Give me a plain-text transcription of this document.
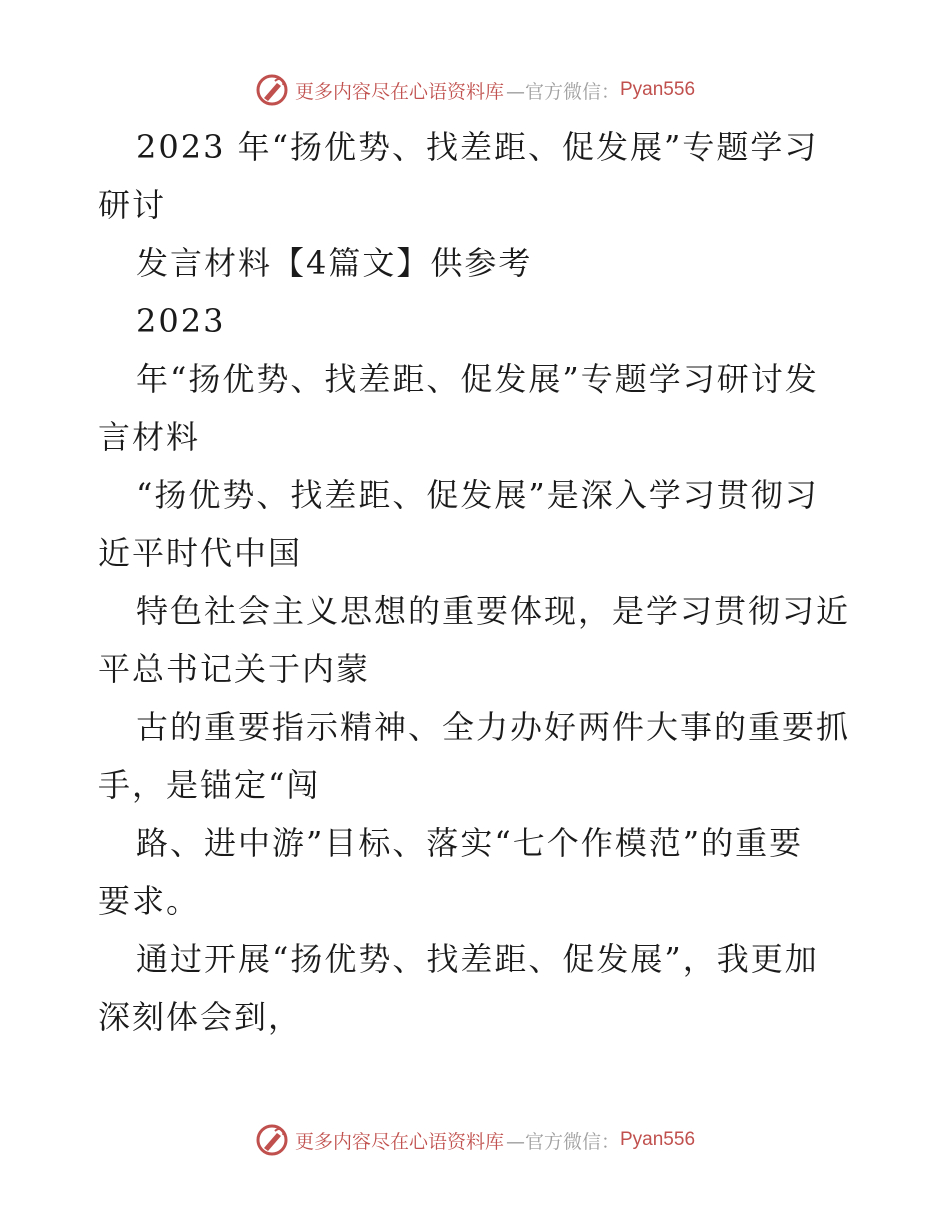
更多内容尽在心语资料库 —官方微信： Pyan556
2023 年“扬优势、找差距、促发展”专题学习
研讨
发言材料【4篇文】供参考
2023
年“扬优势、找差距、促发展”专题学习研讨发
言材料
“扬优势、找差距、促发展”是深入学习贯彻习
近平时代中国
特色社会主义思想的重要体现，是学习贯彻习近
平总书记关于内蒙
古的重要指示精神、全力办好两件大事的重要抓
手，是锚定“闯
路、进中游”目标、落实“七个作模范”的重要
要求。
通过开展“扬优势、找差距、促发展”，我更加
深刻体会到，
更多内容尽在心语资料库 —官方微信： Pyan556
